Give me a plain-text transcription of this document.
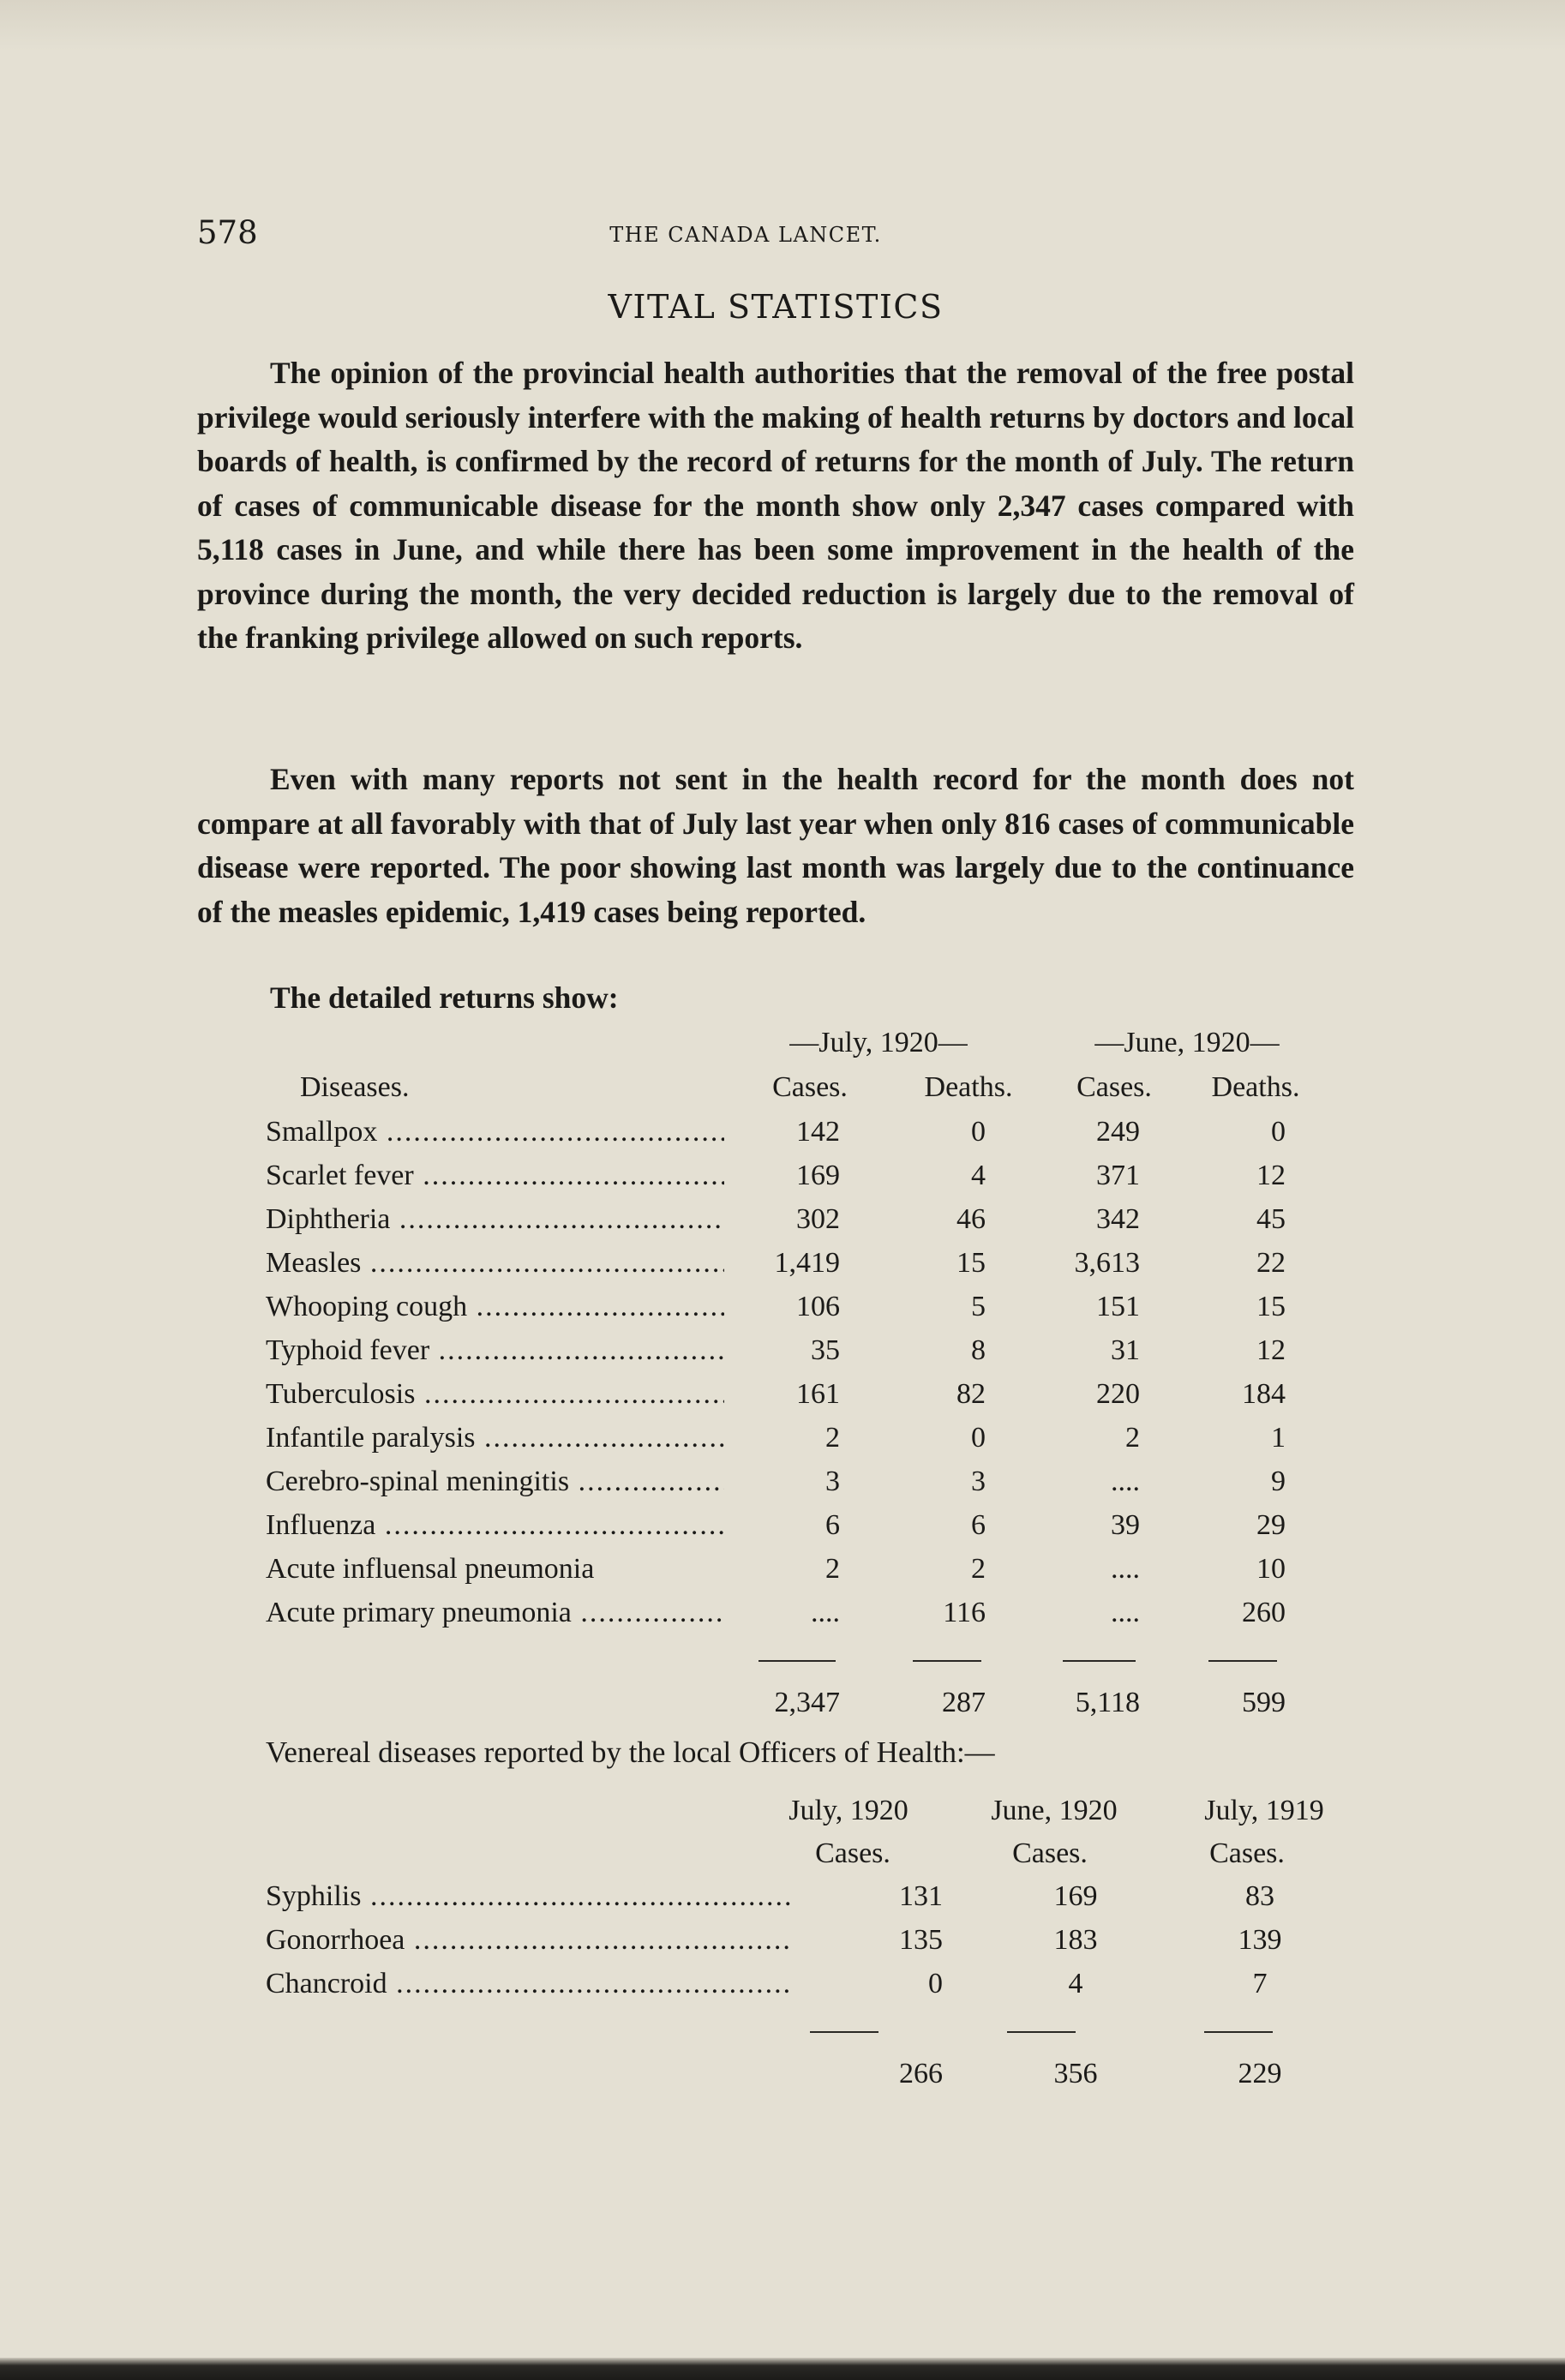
578	THE CANADA LANCET.
VITAL STATISTICS

The opinion of the provincial health authorities that the removal of the free postal privilege would seriously interfere with the making of health returns by doctors and local boards of health, is confirmed by the record of returns for the month of July. The return of cases of communicable disease for the month show only 2,347 cases compared with 5,118 cases in June, and while there has been some improvement in the health of the province during the month, the very decided reduction is largely due to the removal of the franking privilege allowed on such reports.

Even with many reports not sent in the health record for the month does not compare at all favorably with that of July last year when only 816 cases of communicable disease were reported. The poor showing last month was largely due to the continuance of the measles epidemic, 1,419 cases being reported.

The detailed returns show:

—July, 1920—	—June, 1920—
Diseases.	Cases.	Deaths.	Cases.	Deaths.
Smallpox .....	142	0	249	0
Scarlet fever .....	169	4	371	12
Diphtheria .....	302	46	342	45
Measles .....	1,419	15	3,613	22
Whooping cough .....	106	5	151	15
Typhoid fever .....	35	8	31	12
Tuberculosis .....	161	82	220	184
Infantile paralysis .....	2	0	2	1
Cerebro-spinal meningitis .....	3	3	....	9
Influenza .....	6	6	39	29
Acute influensal pneumonia	2	2	....	10
Acute primary pneumonia .....	....	116	....	260
2,347	287	5,118	599
Venereal diseases reported by the local Officers of Health:—
July, 1920	June, 1920	July, 1919
Cases.	Cases.	Cases.
Syphilis .....	131	169	83
Gonorrhoea .....	135	183	139
Chancroid .....	0	4	7
266	356	229
